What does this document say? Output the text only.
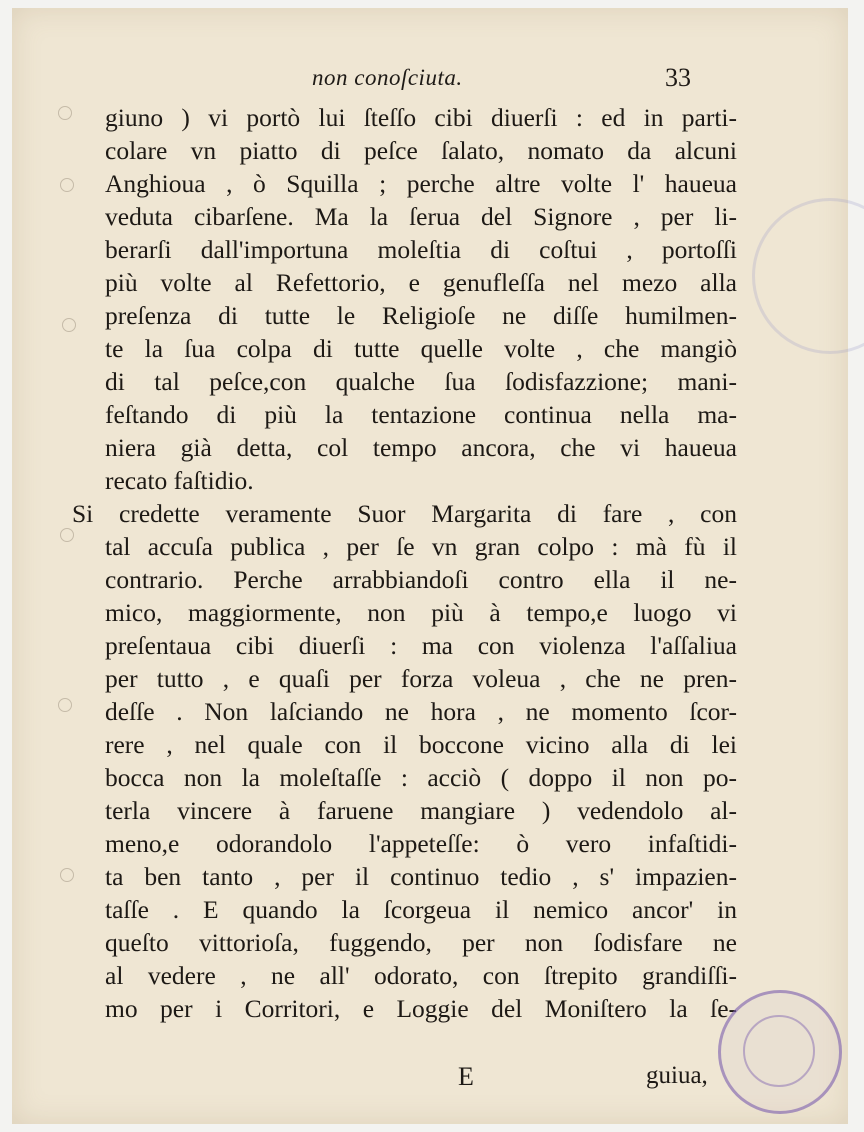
non conoſciuta.	33
giuno ) vi portò lui ſteſſo cibi diuerſi : ed in parti-
colare vn piatto di peſce ſalato, nomato da alcuni
Anghioua , ò Squilla ; perche altre volte l' haueua
veduta cibarſene. Ma la ſerua del Signore , per li-
berarſi dall'importuna moleſtia di coſtui , portoſſi
più volte al Refettorio, e genufleſſa nel mezo alla
preſenza di tutte le Religioſe ne diſſe humilmen-
te la ſua colpa di tutte quelle volte , che mangiò
di tal peſce,con qualche ſua ſodisfazzione; mani-
feſtando di più la tentazione continua nella ma-
niera già detta, col tempo ancora, che vi haueua
recato faſtidio.
Si credette veramente Suor Margarita di fare , con
tal accuſa publica , per ſe vn gran colpo : mà fù il
contrario. Perche arrabbiandoſi contro ella il ne-
mico, maggiormente, non più à tempo,e luogo vi
preſentaua cibi diuerſi : ma con violenza l'aſſaliua
per tutto , e quaſi per forza voleua , che ne pren-
deſſe . Non laſciando ne hora , ne momento ſcor-
rere , nel quale con il boccone vicino alla di lei
bocca non la moleſtaſſe : acciò ( doppo il non po-
terla vincere à faruene mangiare ) vedendolo al-
meno,e odorandolo l'appeteſſe: ò vero infaſtidi-
ta ben tanto , per il continuo tedio , s' impazien-
taſſe . E quando la ſcorgeua il nemico ancor' in
queſto vittorioſa, fuggendo, per non ſodisfare ne
al vedere , ne all' odorato, con ſtrepito grandiſſi-
mo per i Corritori, e Loggie del Moniſtero la ſe-
E	guiua,
